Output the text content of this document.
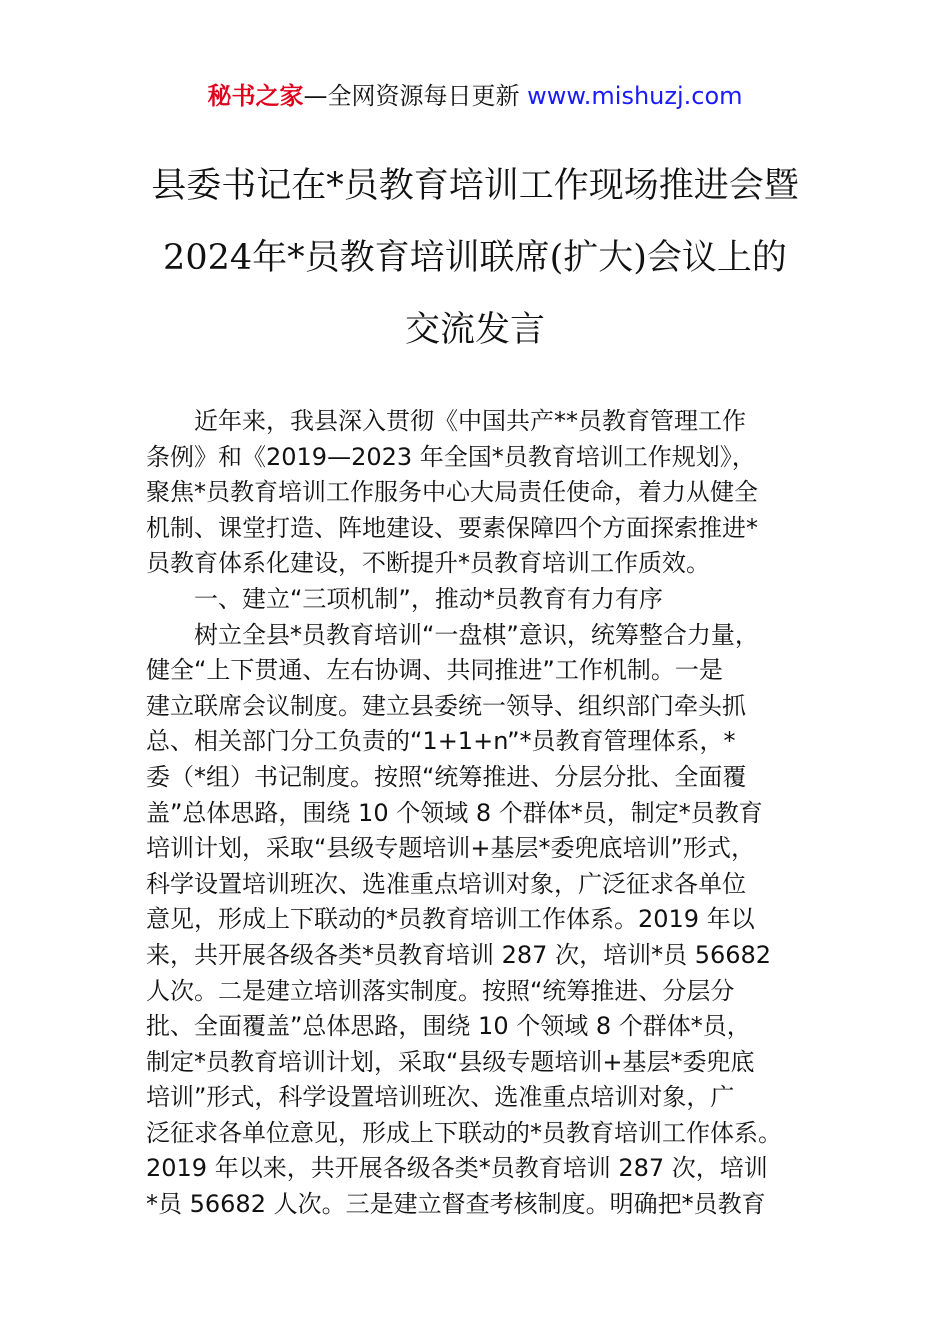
秘书之家—全网资源每日更新 www.mishuzj.com
县委书记在*员教育培训工作现场推进会暨
2024年*员教育培训联席(扩大)会议上的
交流发言
近年来，我县深入贯彻《中国共产**员教育管理工作
条例》和《2019—2023 年全国*员教育培训工作规划》，
聚焦*员教育培训工作服务中心大局责任使命，着力从健全
机制、课堂打造、阵地建设、要素保障四个方面探索推进*
员教育体系化建设，不断提升*员教育培训工作质效。
一、建立“三项机制”，推动*员教育有力有序
树立全县*员教育培训“一盘棋”意识，统筹整合力量，
健全“上下贯通、左右协调、共同推进”工作机制。一是
建立联席会议制度。建立县委统一领导、组织部门牵头抓
总、相关部门分工负责的“1+1+n”*员教育管理体系，*
委（*组）书记制度。按照“统筹推进、分层分批、全面覆
盖”总体思路，围绕 10 个领域 8 个群体*员，制定*员教育
培训计划，采取“县级专题培训+基层*委兜底培训”形式，
科学设置培训班次、选准重点培训对象，广泛征求各单位
意见，形成上下联动的*员教育培训工作体系。2019 年以
来，共开展各级各类*员教育培训 287 次，培训*员 56682
人次。二是建立培训落实制度。按照“统筹推进、分层分
批、全面覆盖”总体思路，围绕 10 个领域 8 个群体*员，
制定*员教育培训计划，采取“县级专题培训+基层*委兜底
培训”形式，科学设置培训班次、选准重点培训对象，广
泛征求各单位意见，形成上下联动的*员教育培训工作体系。
2019 年以来，共开展各级各类*员教育培训 287 次，培训
*员 56682 人次。三是建立督查考核制度。明确把*员教育
